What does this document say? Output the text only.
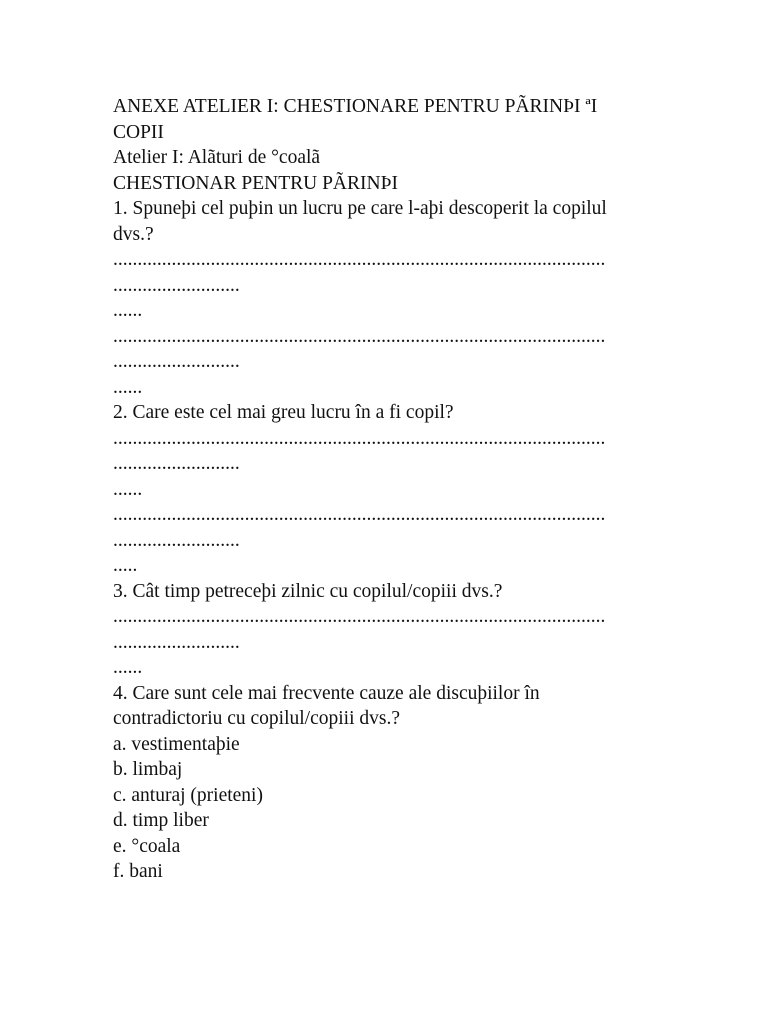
ANEXE ATELIER I: CHESTIONARE PENTRU PÃRINÞI ªI
COPII
Atelier I: Alãturi de °coalã
CHESTIONAR PENTRU PÃRINÞI
1. Spuneþi cel puþin un lucru pe care l-aþi descoperit la copilul
dvs.?
.....................................................................................................
..........................
......
.....................................................................................................
..........................
......
2. Care este cel mai greu lucru în a fi copil?
.....................................................................................................
..........................
......
.....................................................................................................
..........................
.....
3. Cât timp petreceþi zilnic cu copilul/copiii dvs.?
.....................................................................................................
..........................
......
4. Care sunt cele mai frecvente cauze ale discuþiilor în
contradictoriu cu copilul/copiii dvs.?
a. vestimentaþie
b. limbaj
c. anturaj (prieteni)
d. timp liber
e. °coala
f. bani
